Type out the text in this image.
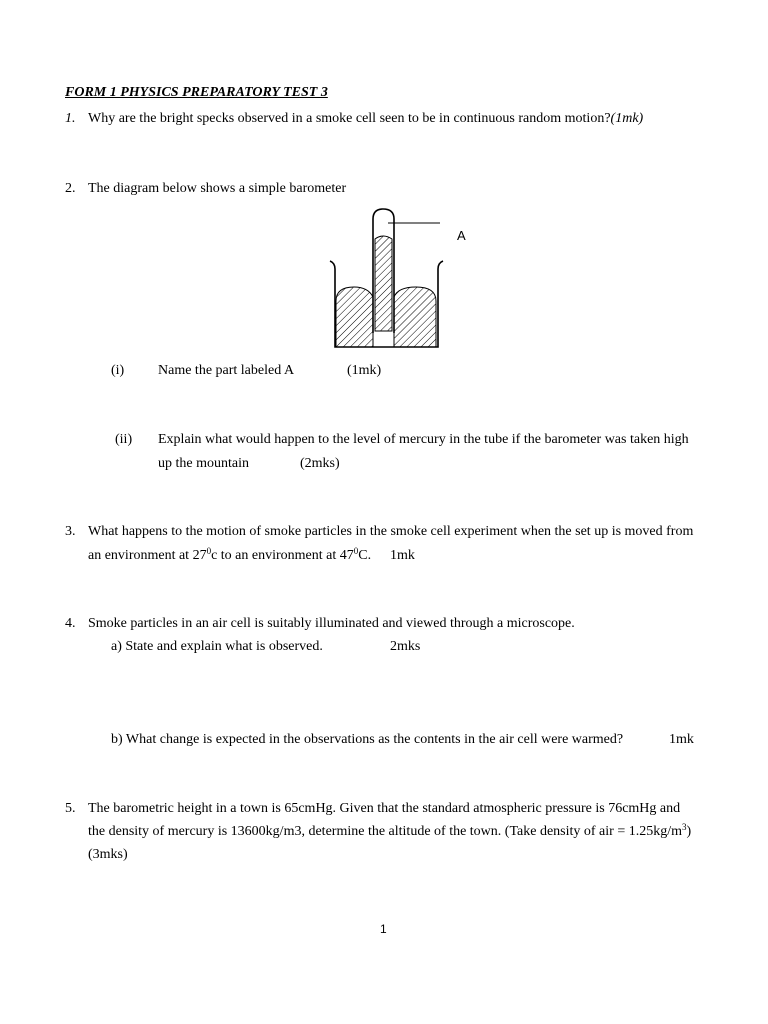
FORM 1 PHYSICS PREPARATORY TEST 3
1. Why are the bright specks observed in a smoke cell seen to be in continuous random motion?(1mk)
2. The diagram below shows a simple barometer
A
(i) Name the part labeled A	(1mk)
(ii) Explain what would happen to the level of mercury in the tube if the barometer was taken high
up the mountain	(2mks)
3. What happens to the motion of smoke particles in the smoke cell experiment when the set up is moved from
an environment at $27^0c$ to an environment at $47^0C$. 1mk
4. Smoke particles in an air cell is suitably illuminated and viewed through a microscope.
a) State and explain what is observed.	2mks
b) What change is expected in the observations as the contents in the air cell were warmed?	1mk
5. The barometric height in a town is 65cmHg. Given that the standard atmospheric pressure is 76cmHg and
the density of mercury is 13600kg/m3, determine the altitude of the town. (Take density of air = $1.25kg/m^3$)
(3mks)
1
